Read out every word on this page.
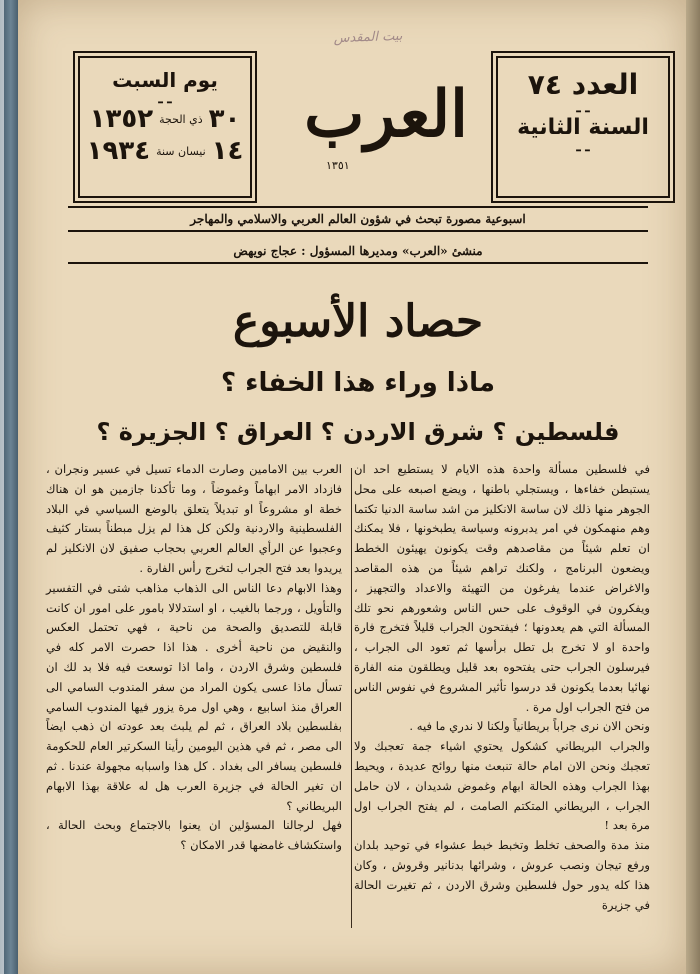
بيت المقدس
العدد ٧٤
ـ ـ
السنة الثانية
ـ ـ
العرب
١٣٥١
يوم السبت
ـ ـ
٣٠
ذي الحجة
١٣٥٢
١٤
نيسان سنة
١٩٣٤
اسبوعية مصورة تبحث في شؤون العالم العربي والاسلامي والمهاجر
منشئ «العرب» ومديرها المسؤول : عجاج نويهض
حصاد الأسبوع
ماذا وراء هذا الخفاء ؟
فلسطين ؟ شرق الاردن ؟ العراق ؟ الجزيرة ؟

في فلسطين مسألة واحدة هذه الايام لا يستطيع احد ان يستبطن خفاءها ، ويستجلي باطنها ، ويضع اصبعه على محل الجوهر منها ذلك لان ساسة الانكليز من اشد ساسة الدنيا تكتما وهم منهمكون في امر يدبرونه وسياسة يطبخونها ، فلا يمكنك ان تعلم شيئاً من مقاصدهم وقت يكونون يهيئون الخطط ويضعون البرنامج ، ولكنك تراهم شيئاً من هذه المقاصد والاغراض عندما يفرغون من التهيئة والاعداد والتجهيز ، ويفكرون في الوقوف على حس الناس وشعورهم نحو تلك المسألة التي هم يعدونها ؛ فيفتحون الجراب قليلاً فتخرج فارة واحدة او لا تخرج بل تطل برأسها ثم تعود الى الجراب ، فيرسلون الجراب حتى يفتحوه بعد قليل ويطلقون منه الفارة نهائيا بعدما يكونون قد درسوا تأثير المشروع في نفوس الناس من فتح الجراب اول مرة .

ونحن الان نرى جراباً بريطانياً ولكنا لا ندري ما فيه .

والجراب البريطاني كشكول يحتوي اشياء جمة تعجبك ولا تعجبك ونحن الان امام حالة تنبعث منها روائح عديدة ، ويحيط بهذا الجراب وهذه الحالة ابهام وغموض شديدان ، لان حامل الجراب ، البريطاني المتكتم الصامت ، لم يفتح الجراب اول مرة بعد !

منذ مدة والصحف تخلط وتخبط خبط عشواء في توحيد بلدان ورفع تيجان ونصب عروش ، وشرائها بدنانير وقروش ، وكان هذا كله يدور حول فلسطين وشرق الاردن ، ثم تغيرت الحالة في جزيرة

العرب بين الامامين وصارت الدماء تسيل في عسير ونجران ، فازداد الامر ابهاماً وغموضاً ، وما تأكدنا جازمين هو ان هناك خطة او مشروعاً او تبديلاً يتعلق بالوضع السياسي في البلاد الفلسطينية والاردنية ولكن كل هذا لم يزل مبطناً بستار كثيف وعجبوا عن الرأي العالم العربي بحجاب صفيق لان الانكليز لم يريدوا بعد فتح الجراب لتخرج رأس الفارة .

وهذا الابهام دعا الناس الى الذهاب مذاهب شتى في التفسير والتأويل ، ورجما بالغيب ، او استدلالا بامور على امور ان كانت قابلة للتصديق والصحة من ناحية ، فهي تحتمل العكس والنقيض من ناحية أخرى . هذا اذا حصرت الامر كله في فلسطين وشرق الاردن ، واما اذا توسعت فيه فلا بد لك ان تسأل ماذا عسى يكون المراد من سفر المندوب السامي الى العراق منذ اسابيع ، وهي اول مرة يزور فيها المندوب السامي بفلسطين بلاد العراق ، ثم لم يلبث بعد عودته ان ذهب ايضاً الى مصر ، ثم في هذين اليومين رأينا السكرتير العام للحكومة فلسطين يسافر الى بغداد . كل هذا واسبابه مجهولة عندنا . ثم ان تغير الحالة في جزيرة العرب هل له علاقة بهذا الابهام البريطاني ؟

فهل لرجالنا المسؤلين ان يعنوا بالاجتماع وبحث الحالة ، واستكشاف غامضها قدر الامكان ؟
